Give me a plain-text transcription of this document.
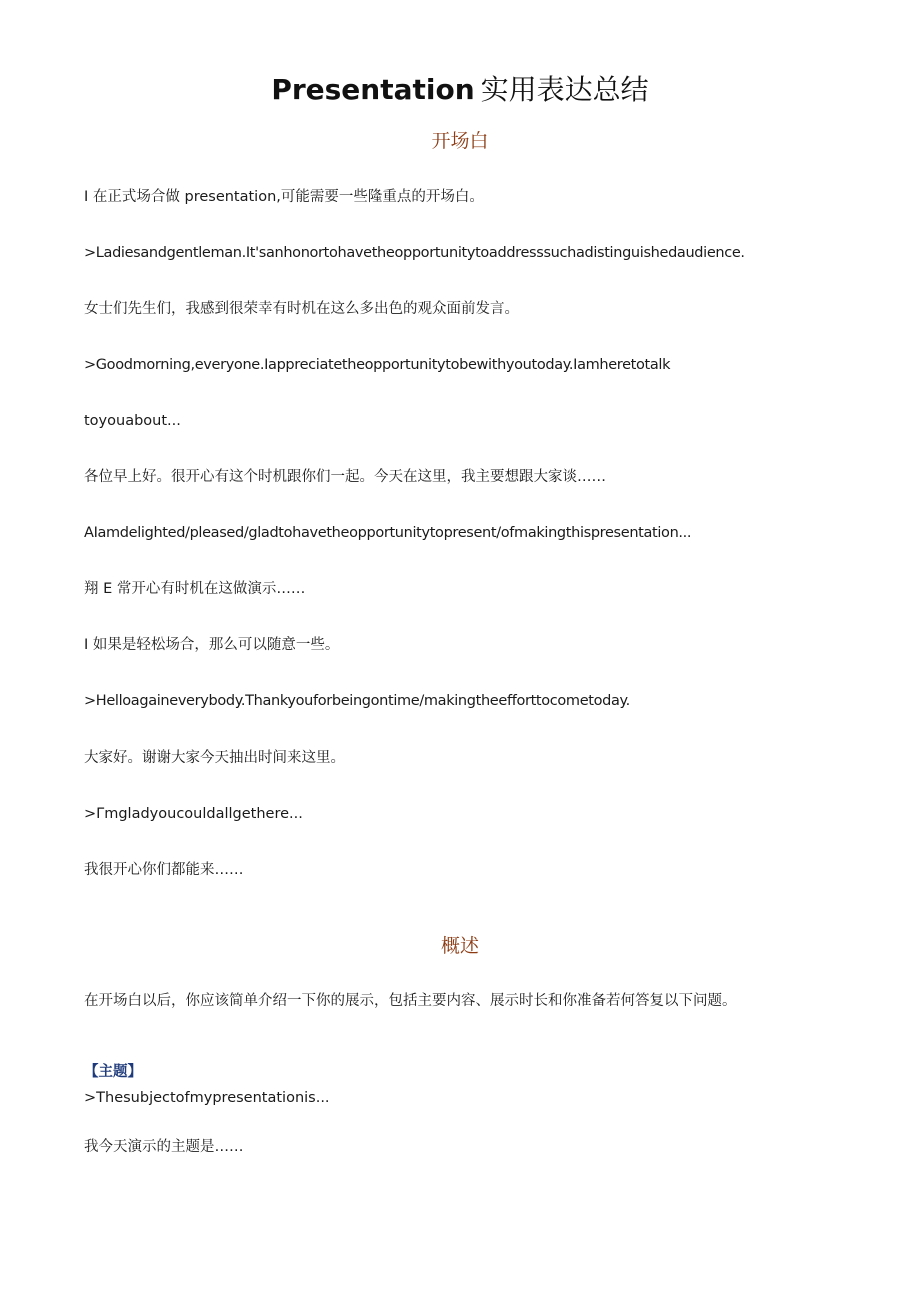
Presentation 实用表达总结
开场白
I 在正式场合做 presentation,可能需要一些隆重点的开场白。
>Ladiesandgentleman.It'sanhonortohavetheopportunitytoaddresssuchadistinguishedaudience.
女士们先生们，我感到很荣幸有时机在这么多出色的观众面前发言。
>Goodmorning,everyone.Iappreciatetheopportunitytobewithyoutoday.Iamheretotalk
toyouabout...
各位早上好。很开心有这个时机跟你们一起。今天在这里，我主要想跟大家谈……
AIamdelighted/pleased/gladtohavetheopportunitytopresent/ofmakingthispresentation...
翔 E 常开心有时机在这做演示……
I 如果是轻松场合，那么可以随意一些。
>Helloagaineverybody.Thankyouforbeingontime/makingtheefforttocometoday.
大家好。谢谢大家今天抽出时间来这里。
>Γmgladyoucouldallgethere...
我很开心你们都能来……
概述
在开场白以后，你应该简单介绍一下你的展示，包括主要内容、展示时长和你准备若何答复以下问题。
【主题】
>Thesubjectofmypresentationis...
我今天演示的主题是……
